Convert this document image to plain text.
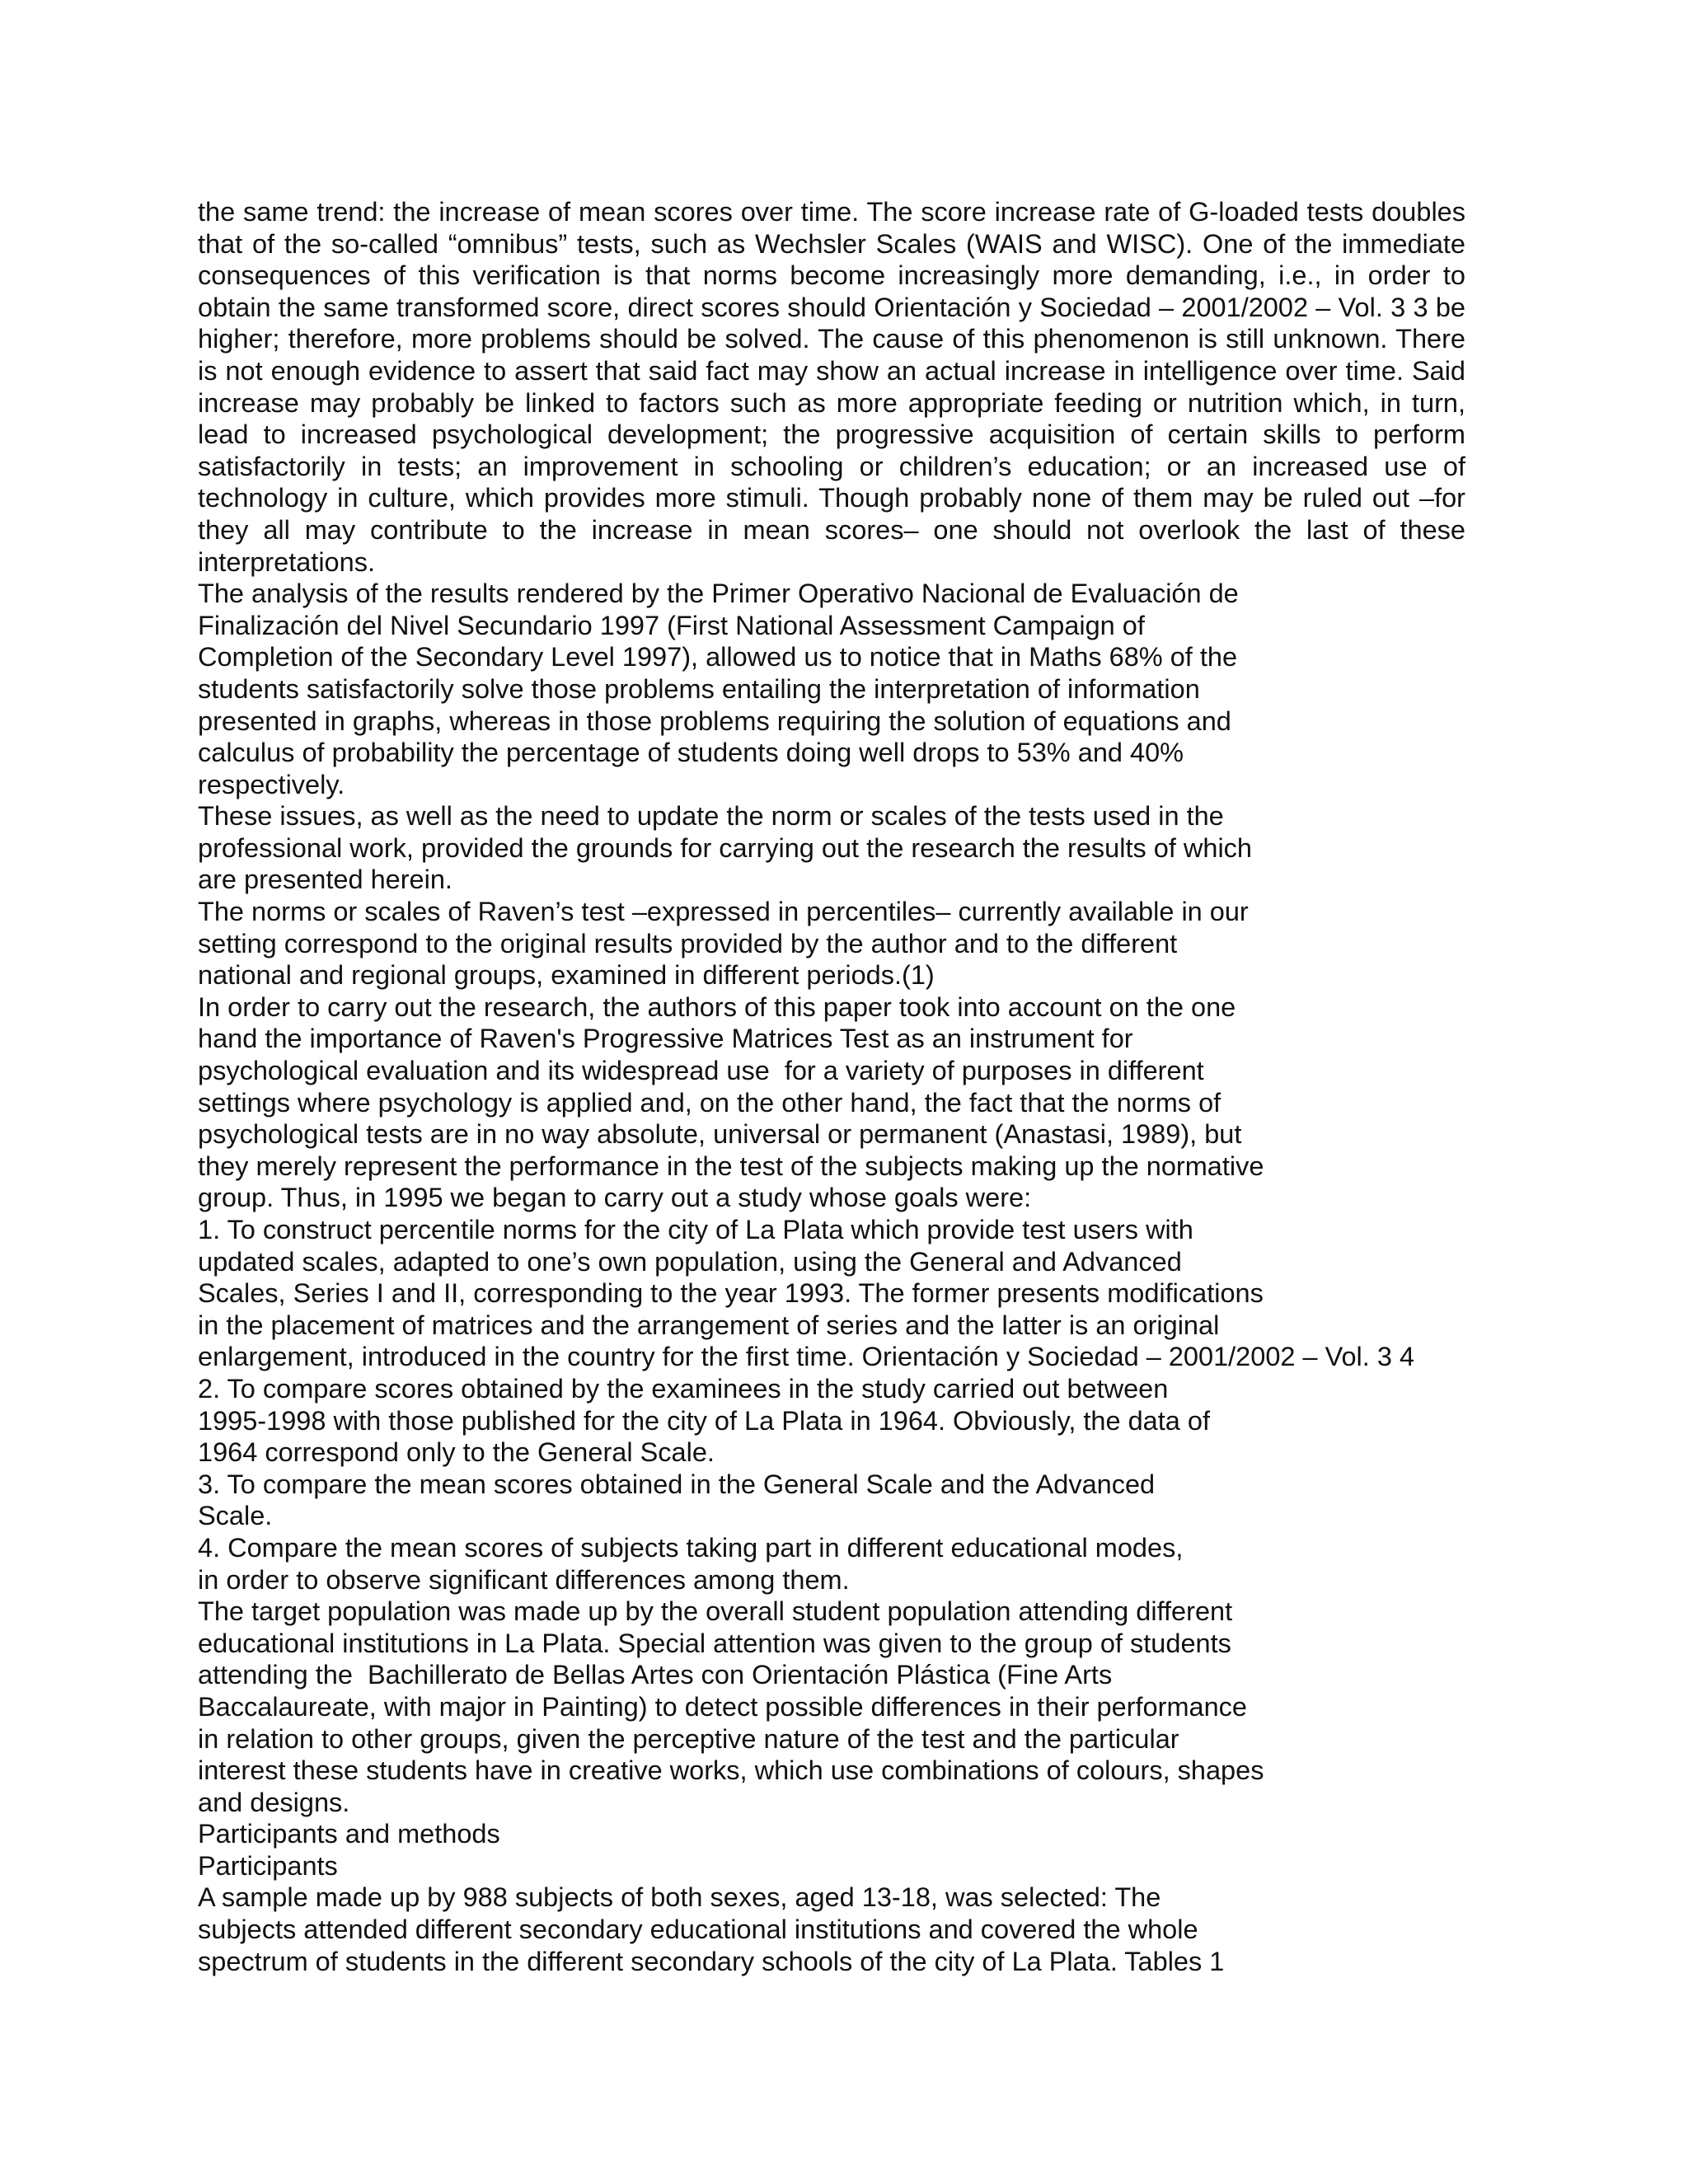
the same trend: the increase of mean scores over time. The score increase rate of G-loaded tests doubles that of the so-called “omnibus” tests, such as Wechsler Scales (WAIS and WISC). One of the immediate consequences of this verification is that norms become increasingly more demanding, i.e., in order to obtain the same transformed score, direct scores should Orientación y Sociedad – 2001/2002 – Vol. 3 3 be higher; therefore, more problems should be solved. The cause of this phenomenon is still unknown. There is not enough evidence to assert that said fact may show an actual increase in intelligence over time. Said increase may probably be linked to factors such as more appropriate feeding or nutrition which, in turn, lead to increased psychological development; the progressive acquisition of certain skills to perform satisfactorily in tests; an improvement in schooling or children’s education; or an increased use of technology in culture, which provides more stimuli. Though probably none of them may be ruled out –for they all may contribute to the increase in mean scores– one should not overlook the last of these interpretations.

The analysis of the results rendered by the Primer Operativo Nacional de Evaluación de
Finalización del Nivel Secundario 1997 (First National Assessment Campaign of
Completion of the Secondary Level 1997), allowed us to notice that in Maths 68% of the
students satisfactorily solve those problems entailing the interpretation of information
presented in graphs, whereas in those problems requiring the solution of equations and
calculus of probability the percentage of students doing well drops to 53% and 40%
respectively.
These issues, as well as the need to update the norm or scales of the tests used in the
professional work, provided the grounds for carrying out the research the results of which
are presented herein.
The norms or scales of Raven’s test –expressed in percentiles– currently available in our
setting correspond to the original results provided by the author and to the different
national and regional groups, examined in different periods.(1)
In order to carry out the research, the authors of this paper took into account on the one
hand the importance of Raven's Progressive Matrices Test as an instrument for
psychological evaluation and its widespread use  for a variety of purposes in different
settings where psychology is applied and, on the other hand, the fact that the norms of
psychological tests are in no way absolute, universal or permanent (Anastasi, 1989), but
they merely represent the performance in the test of the subjects making up the normative
group. Thus, in 1995 we began to carry out a study whose goals were:
1. To construct percentile norms for the city of La Plata which provide test users with
updated scales, adapted to one’s own population, using the General and Advanced
Scales, Series I and II, corresponding to the year 1993. The former presents modifications
in the placement of matrices and the arrangement of series and the latter is an original
enlargement, introduced in the country for the first time. Orientación y Sociedad – 2001/2002 – Vol. 3 4
2. To compare scores obtained by the examinees in the study carried out between
1995-1998 with those published for the city of La Plata in 1964. Obviously, the data of
1964 correspond only to the General Scale.
3. To compare the mean scores obtained in the General Scale and the Advanced
Scale.
4. Compare the mean scores of subjects taking part in different educational modes,
in order to observe significant differences among them.
The target population was made up by the overall student population attending different
educational institutions in La Plata. Special attention was given to the group of students
attending the  Bachillerato de Bellas Artes con Orientación Plástica (Fine Arts
Baccalaureate, with major in Painting) to detect possible differences in their performance
in relation to other groups, given the perceptive nature of the test and the particular
interest these students have in creative works, which use combinations of colours, shapes
and designs.
Participants and methods
Participants
A sample made up by 988 subjects of both sexes, aged 13-18, was selected: The
subjects attended different secondary educational institutions and covered the whole
spectrum of students in the different secondary schools of the city of La Plata. Tables 1
